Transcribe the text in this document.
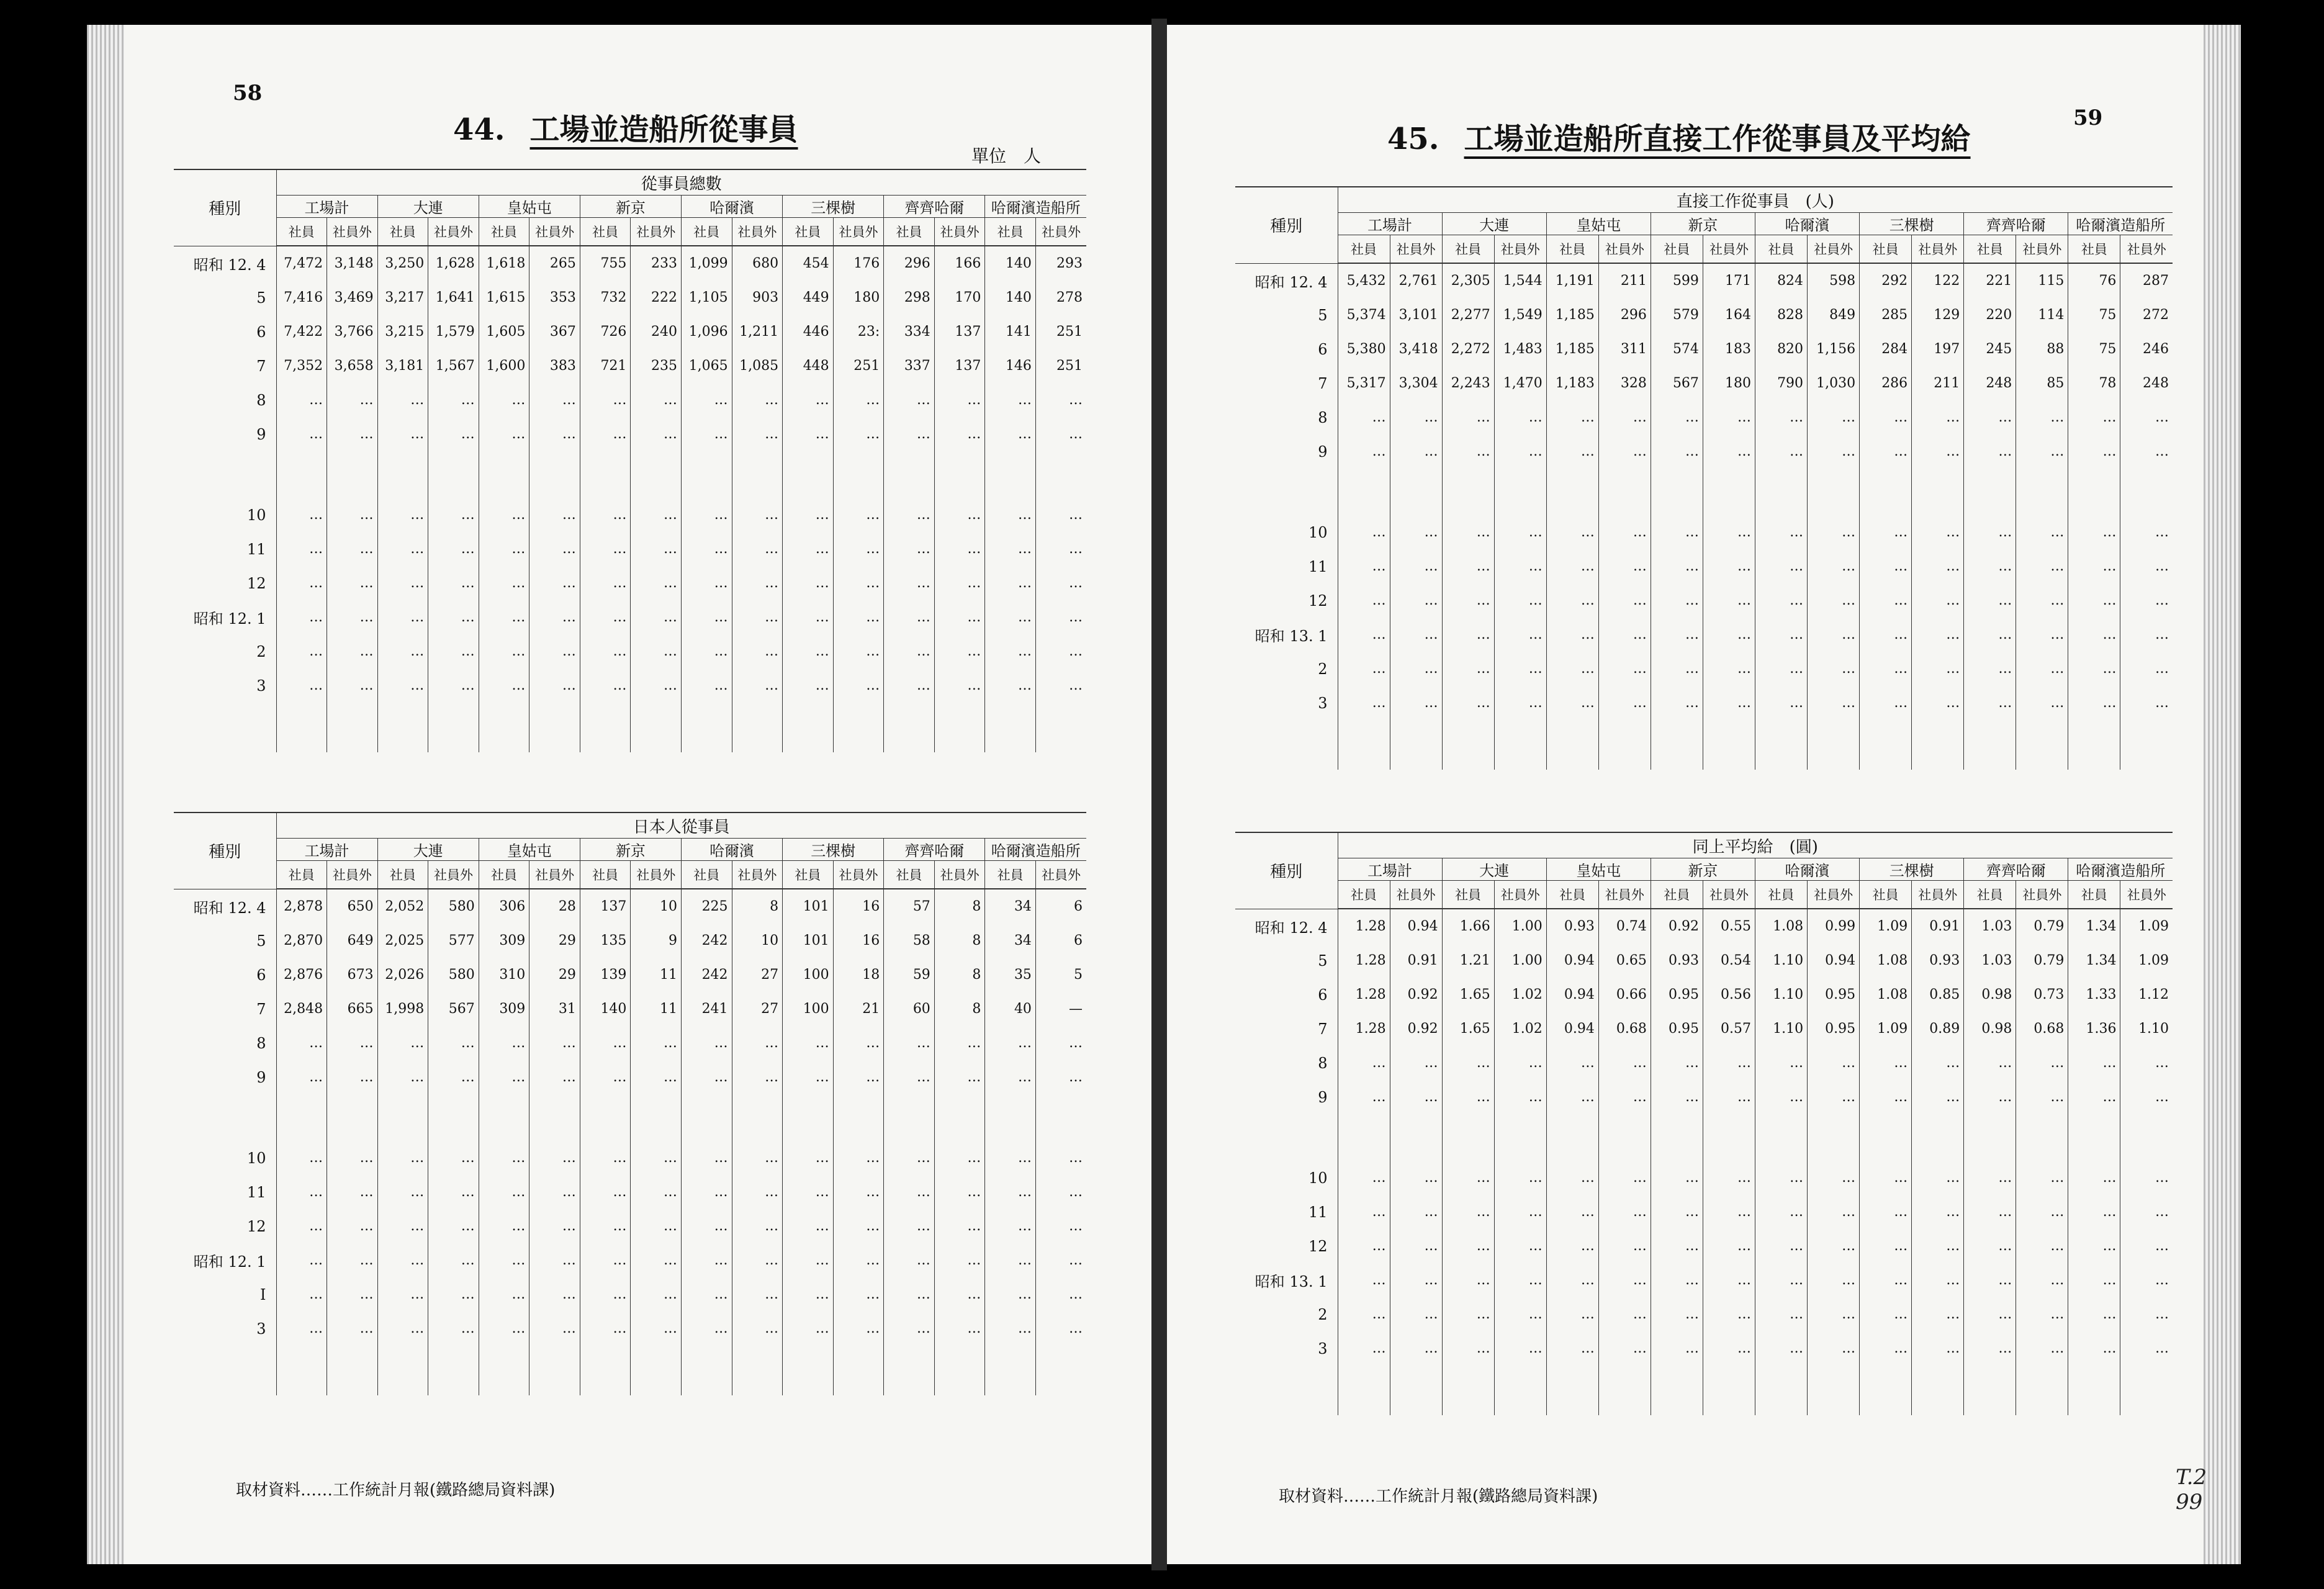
58
44. 工場並造船所從事員
單位　人
種別	從事員總數															
	工場計		大連		皇姑屯		新京		哈爾濱		三棵樹		齊齊哈爾		哈爾濱造船所	
	社員	社員外	社員	社員外	社員	社員外	社員	社員外	社員	社員外	社員	社員外	社員	社員外	社員	社員外
昭和 12. 4	7,472	3,148	3,250	1,628	1,618	265	755	233	1,099	680	454	176	296	166	140	293
5	7,416	3,469	3,217	1,641	1,615	353	732	222	1,105	903	449	180	298	170	140	278
6	7,422	3,766	3,215	1,579	1,605	367	726	240	1,096	1,211	446	23:	334	137	141	251
7	7,352	3,658	3,181	1,567	1,600	383	721	235	1,065	1,085	448	251	337	137	146	251
8	…	…	…	…	…	…	…	…	…	…	…	…	…	…	…	…
9	…	…	…	…	…	…	…	…	…	…	…	…	…	…	…	…

10	…	…	…	…	…	…	…	…	…	…	…	…	…	…	…	…
11	…	…	…	…	…	…	…	…	…	…	…	…	…	…	…	…
12	…	…	…	…	…	…	…	…	…	…	…	…	…	…	…	…
昭和 12. 1	…	…	…	…	…	…	…	…	…	…	…	…	…	…	…	…
2	…	…	…	…	…	…	…	…	…	…	…	…	…	…	…	…
3	…	…	…	…	…	…	…	…	…	…	…	…	…	…	…	…

種別	日本人從事員															
	工場計		大連		皇姑屯		新京		哈爾濱		三棵樹		齊齊哈爾		哈爾濱造船所	
	社員	社員外	社員	社員外	社員	社員外	社員	社員外	社員	社員外	社員	社員外	社員	社員外	社員	社員外
昭和 12. 4	2,878	650	2,052	580	306	28	137	10	225	8	101	16	57	8	34	6
5	2,870	649	2,025	577	309	29	135	9	242	10	101	16	58	8	34	6
6	2,876	673	2,026	580	310	29	139	11	242	27	100	18	59	8	35	5
7	2,848	665	1,998	567	309	31	140	11	241	27	100	21	60	8	40	—
8	…	…	…	…	…	…	…	…	…	…	…	…	…	…	…	…
9	…	…	…	…	…	…	…	…	…	…	…	…	…	…	…	…

10	…	…	…	…	…	…	…	…	…	…	…	…	…	…	…	…
11	…	…	…	…	…	…	…	…	…	…	…	…	…	…	…	…
12	…	…	…	…	…	…	…	…	…	…	…	…	…	…	…	…
昭和 12. 1	…	…	…	…	…	…	…	…	…	…	…	…	…	…	…	…
I	…	…	…	…	…	…	…	…	…	…	…	…	…	…	…	…
3	…	…	…	…	…	…	…	…	…	…	…	…	…	…	…	…

取材資料……工作統計月報(鐵路總局資料課)
59
45. 工場並造船所直接工作從事員及平均給
種別	直接工作從事員　(人)															
	工場計		大連		皇姑屯		新京		哈爾濱		三棵樹		齊齊哈爾		哈爾濱造船所	
	社員	社員外	社員	社員外	社員	社員外	社員	社員外	社員	社員外	社員	社員外	社員	社員外	社員	社員外
昭和 12. 4	5,432	2,761	2,305	1,544	1,191	211	599	171	824	598	292	122	221	115	76	287
5	5,374	3,101	2,277	1,549	1,185	296	579	164	828	849	285	129	220	114	75	272
6	5,380	3,418	2,272	1,483	1,185	311	574	183	820	1,156	284	197	245	88	75	246
7	5,317	3,304	2,243	1,470	1,183	328	567	180	790	1,030	286	211	248	85	78	248
8	…	…	…	…	…	…	…	…	…	…	…	…	…	…	…	…
9	…	…	…	…	…	…	…	…	…	…	…	…	…	…	…	…

10	…	…	…	…	…	…	…	…	…	…	…	…	…	…	…	…
11	…	…	…	…	…	…	…	…	…	…	…	…	…	…	…	…
12	…	…	…	…	…	…	…	…	…	…	…	…	…	…	…	…
昭和 13. 1	…	…	…	…	…	…	…	…	…	…	…	…	…	…	…	…
2	…	…	…	…	…	…	…	…	…	…	…	…	…	…	…	…
3	…	…	…	…	…	…	…	…	…	…	…	…	…	…	…	…

種別	同上平均給　(圓)															
	工場計		大連		皇姑屯		新京		哈爾濱		三棵樹		齊齊哈爾		哈爾濱造船所	
	社員	社員外	社員	社員外	社員	社員外	社員	社員外	社員	社員外	社員	社員外	社員	社員外	社員	社員外
昭和 12. 4	1.28	0.94	1.66	1.00	0.93	0.74	0.92	0.55	1.08	0.99	1.09	0.91	1.03	0.79	1.34	1.09
5	1.28	0.91	1.21	1.00	0.94	0.65	0.93	0.54	1.10	0.94	1.08	0.93	1.03	0.79	1.34	1.09
6	1.28	0.92	1.65	1.02	0.94	0.66	0.95	0.56	1.10	0.95	1.08	0.85	0.98	0.73	1.33	1.12
7	1.28	0.92	1.65	1.02	0.94	0.68	0.95	0.57	1.10	0.95	1.09	0.89	0.98	0.68	1.36	1.10
8	…	…	…	…	…	…	…	…	…	…	…	…	…	…	…	…
9	…	…	…	…	…	…	…	…	…	…	…	…	…	…	…	…

10	…	…	…	…	…	…	…	…	…	…	…	…	…	…	…	…
11	…	…	…	…	…	…	…	…	…	…	…	…	…	…	…	…
12	…	…	…	…	…	…	…	…	…	…	…	…	…	…	…	…
昭和 13. 1	…	…	…	…	…	…	…	…	…	…	…	…	…	…	…	…
2	…	…	…	…	…	…	…	…	…	…	…	…	…	…	…	…
3	…	…	…	…	…	…	…	…	…	…	…	…	…	…	…	…

取材資料……工作統計月報(鐵路總局資料課)
T.2 99
